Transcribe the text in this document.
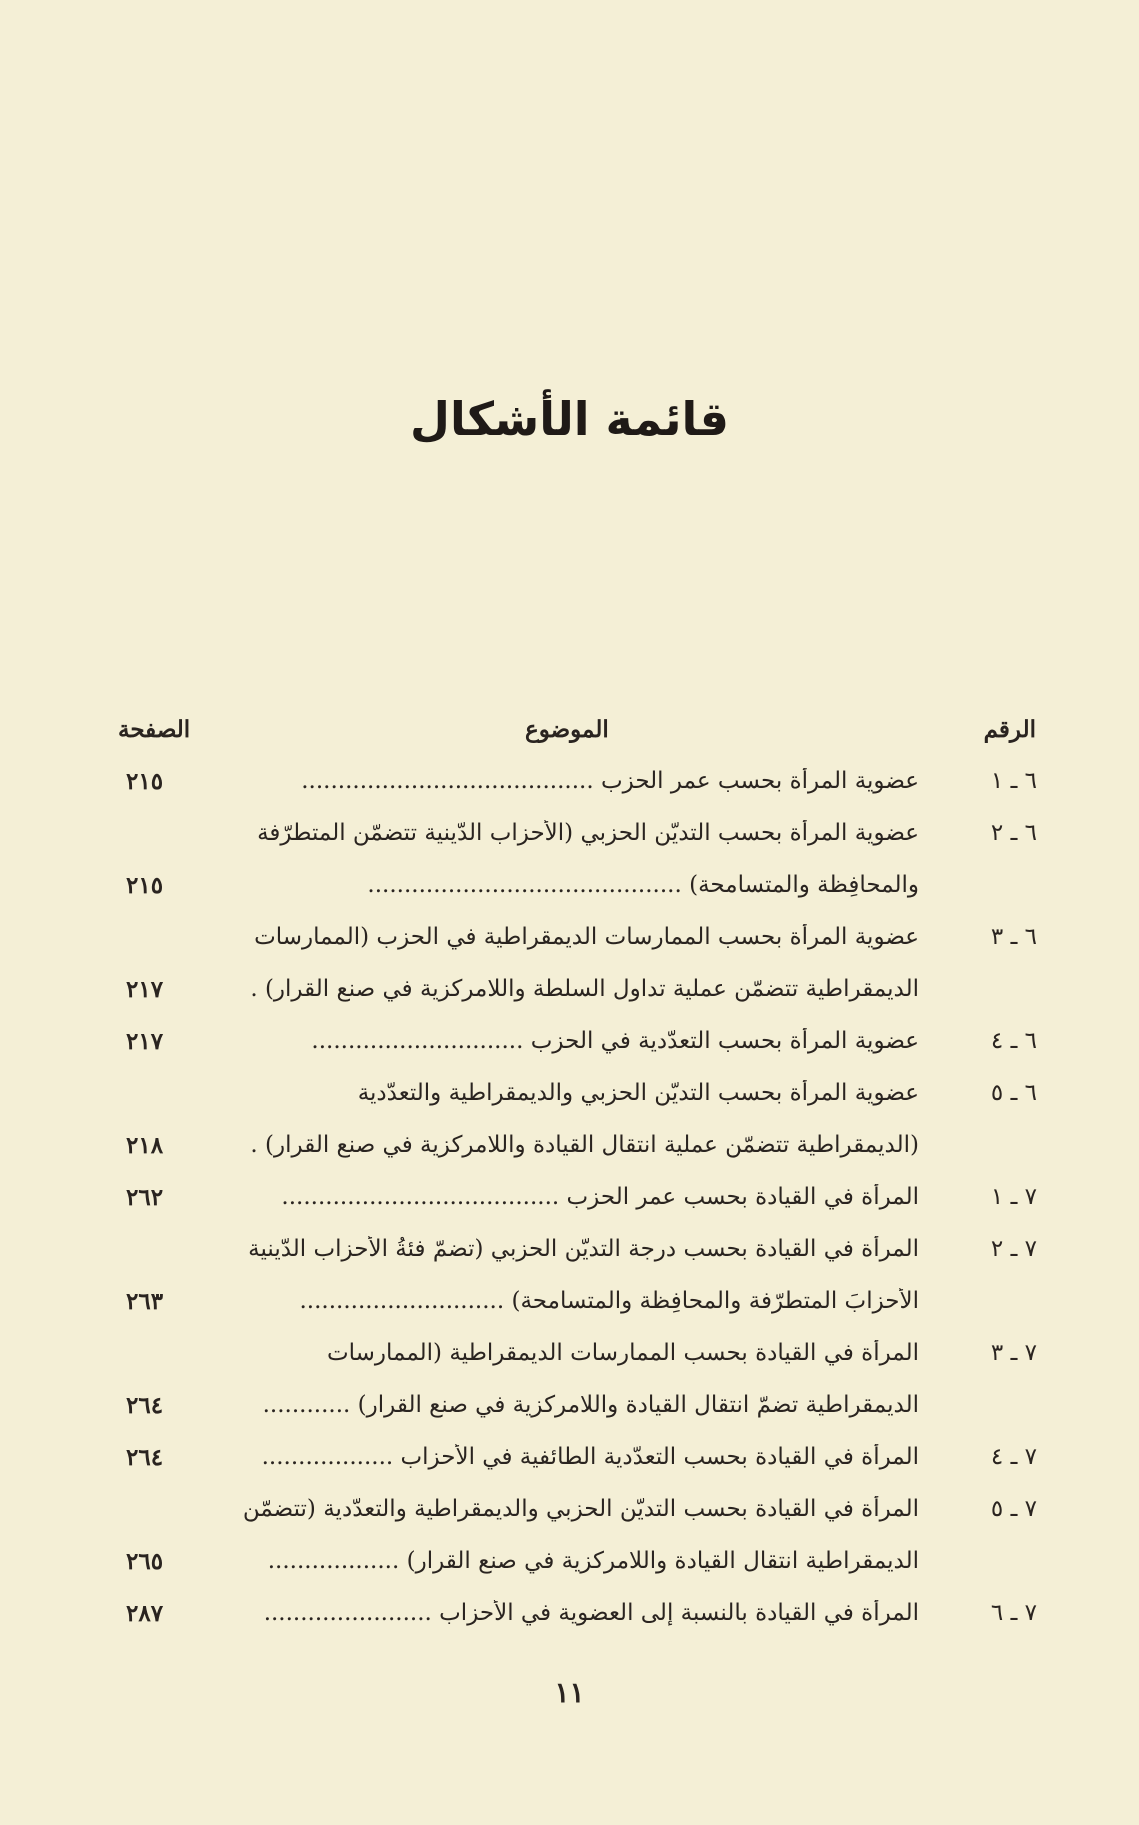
قائمة الأشكال
الرقم
الموضوع
الصفحة
٦ ـ ١
عضوية المرأة بحسب عمر الحزب ........................................
٢١٥
٦ ـ ٢
عضوية المرأة بحسب التديّن الحزبي (الأحزاب الدّينية تتضمّن المتطرّفة
والمحافِظة والمتسامحة) ...........................................
٢١٥
٦ ـ ٣
عضوية المرأة بحسب الممارسات الديمقراطية في الحزب (الممارسات
الديمقراطية تتضمّن عملية تداول السلطة واللامركزية في صنع القرار) .
٢١٧
٦ ـ ٤
عضوية المرأة بحسب التعدّدية في الحزب .............................
٢١٧
٦ ـ ٥
عضوية المرأة بحسب التديّن الحزبي والديمقراطية والتعدّدية
(الديمقراطية تتضمّن عملية انتقال القيادة واللامركزية في صنع القرار) .
٢١٨
٧ ـ ١
المرأة في القيادة بحسب عمر الحزب ......................................
٢٦٢
٧ ـ ٢
المرأة في القيادة بحسب درجة التديّن الحزبي (تضمّ فئةُ الأحزاب الدّينية
الأحزابَ المتطرّفة والمحافِظة والمتسامحة) ............................
٢٦٣
٧ ـ ٣
المرأة في القيادة بحسب الممارسات الديمقراطية (الممارسات
الديمقراطية تضمّ انتقال القيادة واللامركزية في صنع القرار) ............
٢٦٤
٧ ـ ٤
المرأة في القيادة بحسب التعدّدية الطائفية في الأحزاب ..................
٢٦٤
٧ ـ ٥
المرأة في القيادة بحسب التديّن الحزبي والديمقراطية والتعدّدية (تتضمّن
الديمقراطية انتقال القيادة واللامركزية في صنع القرار) ..................
٢٦٥
٧ ـ ٦
المرأة في القيادة بالنسبة إلى العضوية في الأحزاب .......................
٢٨٧
١١
